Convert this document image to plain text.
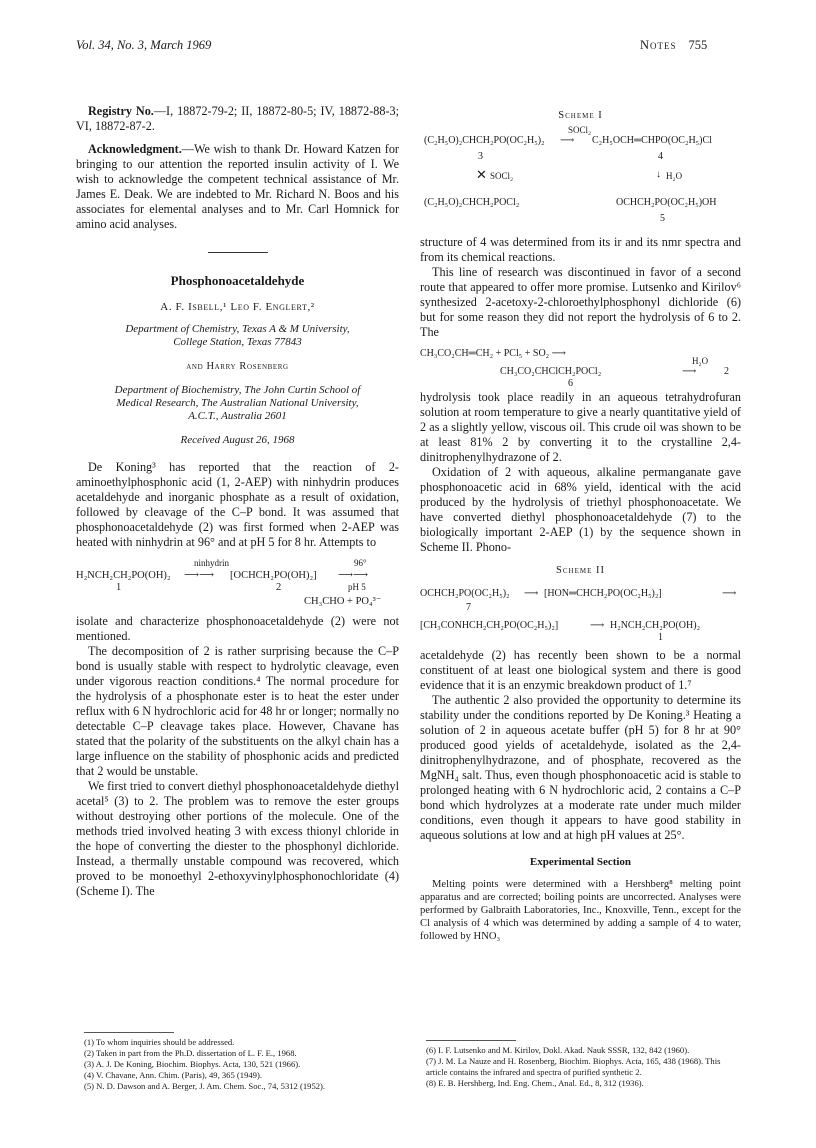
Vol. 34, No. 3, March 1969	Notes 755

Registry No.—I, 18872-79-2; II, 18872-80-5; IV, 18872-88-3; VI, 18872-87-2.

Acknowledgment.—We wish to thank Dr. Howard Katzen for bringing to our attention the reported insulin activity of I. We wish to acknowledge the competent technical assistance of Mr. James E. Deak. We are indebted to Mr. Richard N. Boos and his associates for elemental analyses and to Mr. Carl Homnick for amino acid analyses.

Phosphonoacetaldehyde
A. F. Isbell,¹ Leo F. Englert,²
Department of Chemistry, Texas A & M University,
College Station, Texas 77843
and Harry Rosenberg
Department of Biochemistry, The John Curtin School of
Medical Research, The Australian National University,
A.C.T., Australia 2601
Received August 26, 1968

De Koning³ has reported that the reaction of 2-aminoethylphosphonic acid (1, 2-AEP) with ninhydrin produces acetaldehyde and inorganic phosphate as a result of oxidation, followed by cleavage of the C–P bond. It was assumed that phosphonoacetaldehyde (2) was first formed when 2-AEP was heated with ninhydrin at 96° and at pH 5 for 8 hr. Attempts to

H₂NCH₂CH₂PO(OH)₂
ninhydrin
⟶⟶ [OCHCH₂PO(OH)₂]
96°
⟶⟶
pH 5
1	2
CH₃CHO + PO₄³⁻

isolate and characterize phosphonoacetaldehyde (2) were not mentioned.

The decomposition of 2 is rather surprising because the C–P bond is usually stable with respect to hydrolytic cleavage, even under vigorous reaction conditions.⁴ The normal procedure for the hydrolysis of a phosphonate ester is to heat the ester under reflux with 6 N hydrochloric acid for 48 hr or longer; normally no detectable C–P cleavage takes place. However, Chavane has stated that the polarity of the substituents on the alkyl chain has a large influence on the stability of phosphonic acids and predicted that 2 would be unstable.

We first tried to convert diethyl phosphonoacetaldehyde diethyl acetal⁵ (3) to 2. The problem was to remove the ester groups without destroying other portions of the molecule. One of the methods tried involved heating 3 with excess thionyl chloride in the hope of converting the diester to the phosphonyl dichloride. Instead, a thermally unstable compound was recovered, which proved to be monoethyl 2-ethoxyvinylphosphonochloridate (4) (Scheme I). The

(1) To whom inquiries should be addressed.
(2) Taken in part from the Ph.D. dissertation of L. F. E., 1968.
(3) A. J. De Koning, Biochim. Biophys. Acta, 130, 521 (1966).
(4) V. Chavane, Ann. Chim. (Paris), 49, 365 (1949).
(5) N. D. Dawson and A. Berger, J. Am. Chem. Soc., 74, 5312 (1952).
Scheme I
(C₂H₅O)₂CHCH₂PO(OC₂H₅)₂
SOCl₂
⟶ C₂H₅OCH═CHPO(OC₂H₅)Cl
3	4
✕ SOCl₂	↓ H₂O
(C₂H₅O)₂CHCH₂POCl₂	OCHCH₂PO(OC₂H₅)OH
5

structure of 4 was determined from its ir and its nmr spectra and from its chemical reactions.

This line of research was discontinued in favor of a second route that appeared to offer more promise. Lutsenko and Kirilov⁶ synthesized 2-acetoxy-2-chloroethylphosphonyl dichloride (6) but for some reason they did not report the hydrolysis of 6 to 2. The

CH₃CO₂CH═CH₂ + PCl₅ + SO₂ ⟶
CH₃CO₂CHClCH₂POCl₂
H₂O
⟶	2
6

hydrolysis took place readily in an aqueous tetrahydrofuran solution at room temperature to give a nearly quantitative yield of 2 as a slightly yellow, viscous oil. This crude oil was shown to be at least 81% 2 by converting it to the crystalline 2,4-dinitrophenylhydrazone of 2.

Oxidation of 2 with aqueous, alkaline permanganate gave phosphonoacetic acid in 68% yield, identical with the acid produced by the hydrolysis of triethyl phosphonoacetate. We have converted diethyl phosphonoacetaldehyde (7) to the biologically important 2-AEP (1) by the sequence shown in Scheme II. Phono-

Scheme II
OCHCH₂PO(OC₂H₅)₂ ⟶ [HON═CHCH₂PO(OC₂H₅)₂]	⟶
7
[CH₃CONHCH₂CH₂PO(OC₂H₅)₂]	⟶ H₂NCH₂CH₂PO(OH)₂
1

acetaldehyde (2) has recently been shown to be a normal constituent of at least one biological system and there is good evidence that it is an enzymic breakdown product of 1.⁷

The authentic 2 also provided the opportunity to determine its stability under the conditions reported by De Koning.³ Heating a solution of 2 in aqueous acetate buffer (pH 5) for 8 hr at 90° produced good yields of acetaldehyde, isolated as the 2,4-dinitrophenylhydrazone, and of phosphate, recovered as the MgNH₄ salt. Thus, even though phosphonoacetic acid is stable to prolonged heating with 6 N hydrochloric acid, 2 contains a C–P bond which hydrolyzes at a moderate rate under much milder conditions, even though it appears to have good stability in aqueous solutions at low and at high pH values at 25°.

Experimental Section

Melting points were determined with a Hershberg⁸ melting point apparatus and are corrected; boiling points are uncorrected. Analyses were performed by Galbraith Laboratories, Inc., Knoxville, Tenn., except for the Cl analysis of 4 which was determined by adding a sample of 4 to water, followed by HNO₃

(6) I. F. Lutsenko and M. Kirilov, Dokl. Akad. Nauk SSSR, 132, 842 (1960).
(7) J. M. La Nauze and H. Rosenberg, Biochim. Biophys. Acta, 165, 438 (1968). This article contains the infrared and spectra of purified synthetic 2.
(8) E. B. Hershberg, Ind. Eng. Chem., Anal. Ed., 8, 312 (1936).
